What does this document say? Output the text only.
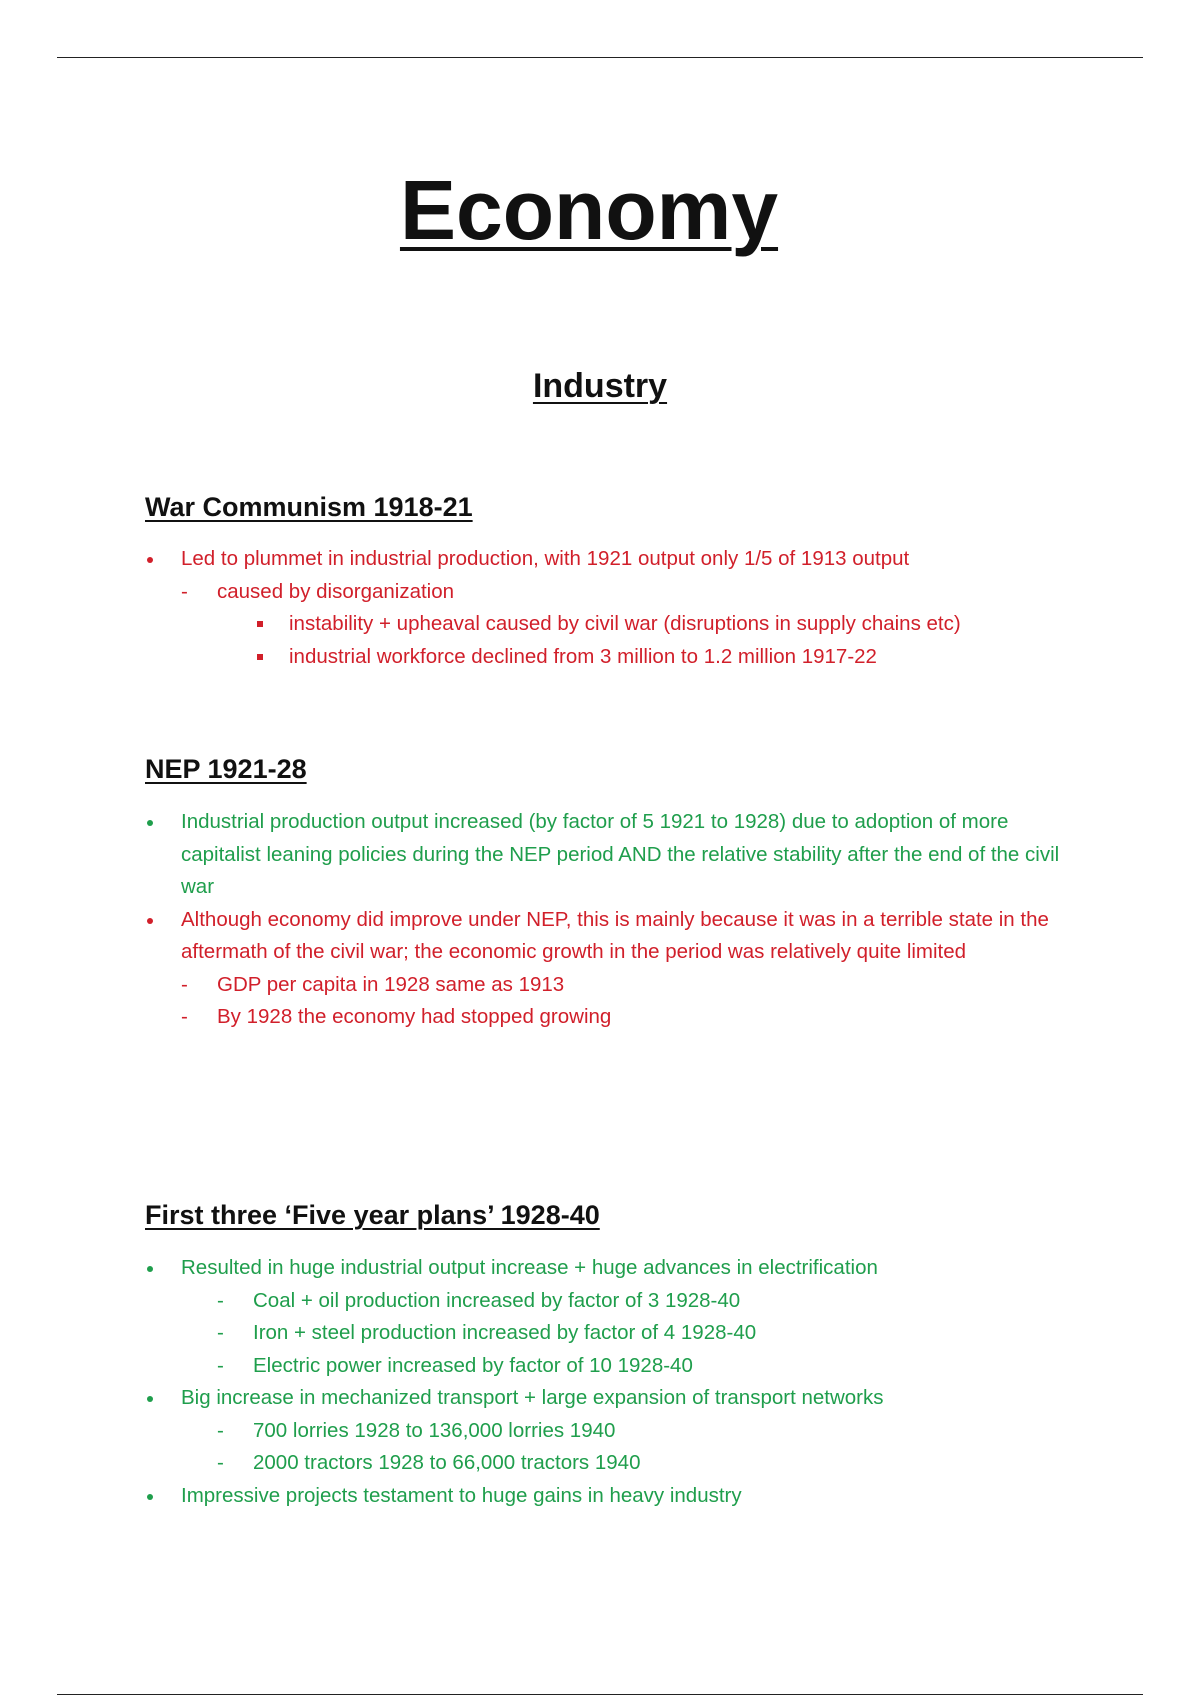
Economy
Industry
War Communism 1918-21
Led to plummet in industrial production, with 1921 output only 1/5 of 1913 output
- caused by disorganization
instability + upheaval caused by civil war (disruptions in supply chains etc)
industrial workforce declined from 3 million to 1.2 million 1917-22
NEP 1921-28
Industrial production output increased (by factor of 5 1921 to 1928) due to adoption of more capitalist leaning policies during the NEP period AND the relative stability after the end of the civil war
Although economy did improve under NEP, this is mainly because it was in a terrible state in the aftermath of the civil war; the economic growth in the period was relatively quite limited
- GDP per capita in 1928 same as 1913
- By 1928 the economy had stopped growing
First three ‘Five year plans’ 1928-40
Resulted in huge industrial output increase + huge advances in electrification
- Coal + oil production increased by factor of 3 1928-40
- Iron + steel production increased by factor of 4 1928-40
- Electric power increased by factor of 10 1928-40
Big increase in mechanized transport + large expansion of transport networks
- 700 lorries 1928 to 136,000 lorries 1940
- 2000 tractors 1928 to 66,000 tractors 1940
Impressive projects testament to huge gains in heavy industry
